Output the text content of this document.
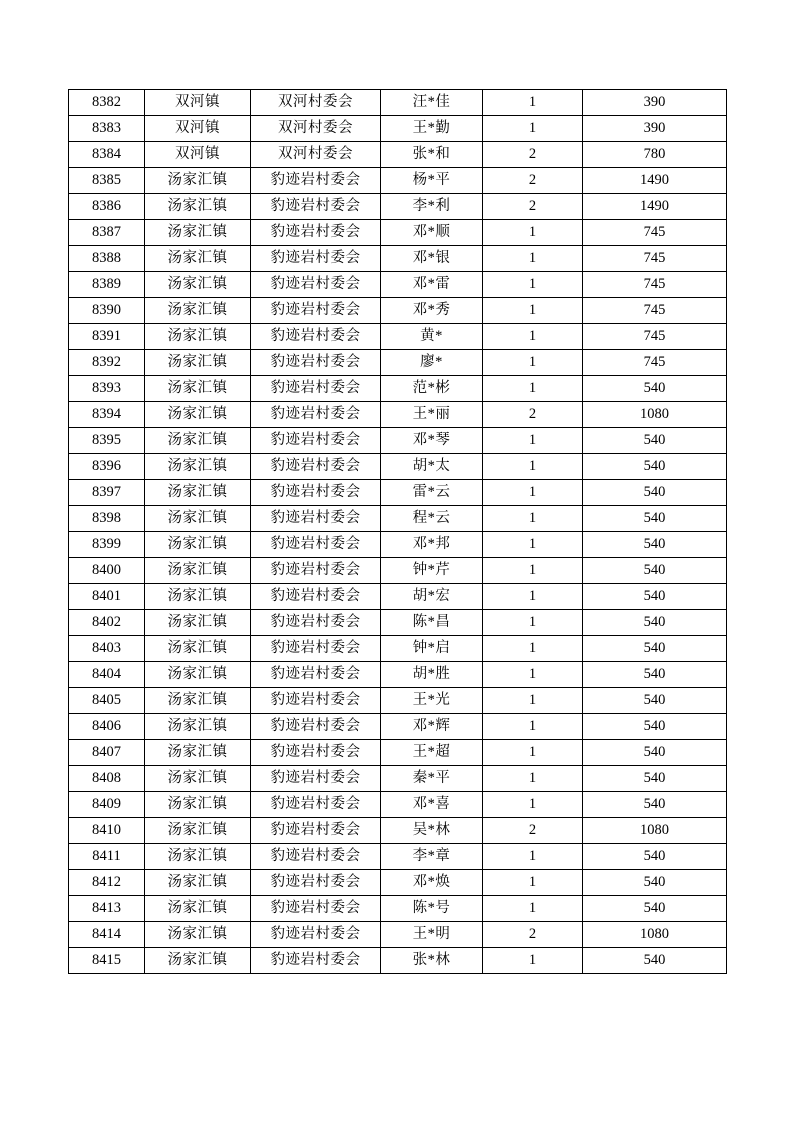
8382	双河镇	双河村委会	汪*佳	1	390
8383	双河镇	双河村委会	王*勤	1	390
8384	双河镇	双河村委会	张*和	2	780
8385	汤家汇镇	豹迹岩村委会	杨*平	2	1490
8386	汤家汇镇	豹迹岩村委会	李*利	2	1490
8387	汤家汇镇	豹迹岩村委会	邓*顺	1	745
8388	汤家汇镇	豹迹岩村委会	邓*银	1	745
8389	汤家汇镇	豹迹岩村委会	邓*雷	1	745
8390	汤家汇镇	豹迹岩村委会	邓*秀	1	745
8391	汤家汇镇	豹迹岩村委会	黄*	1	745
8392	汤家汇镇	豹迹岩村委会	廖*	1	745
8393	汤家汇镇	豹迹岩村委会	范*彬	1	540
8394	汤家汇镇	豹迹岩村委会	王*丽	2	1080
8395	汤家汇镇	豹迹岩村委会	邓*琴	1	540
8396	汤家汇镇	豹迹岩村委会	胡*太	1	540
8397	汤家汇镇	豹迹岩村委会	雷*云	1	540
8398	汤家汇镇	豹迹岩村委会	程*云	1	540
8399	汤家汇镇	豹迹岩村委会	邓*邦	1	540
8400	汤家汇镇	豹迹岩村委会	钟*芹	1	540
8401	汤家汇镇	豹迹岩村委会	胡*宏	1	540
8402	汤家汇镇	豹迹岩村委会	陈*昌	1	540
8403	汤家汇镇	豹迹岩村委会	钟*启	1	540
8404	汤家汇镇	豹迹岩村委会	胡*胜	1	540
8405	汤家汇镇	豹迹岩村委会	王*光	1	540
8406	汤家汇镇	豹迹岩村委会	邓*辉	1	540
8407	汤家汇镇	豹迹岩村委会	王*超	1	540
8408	汤家汇镇	豹迹岩村委会	秦*平	1	540
8409	汤家汇镇	豹迹岩村委会	邓*喜	1	540
8410	汤家汇镇	豹迹岩村委会	吴*林	2	1080
8411	汤家汇镇	豹迹岩村委会	李*章	1	540
8412	汤家汇镇	豹迹岩村委会	邓*焕	1	540
8413	汤家汇镇	豹迹岩村委会	陈*号	1	540
8414	汤家汇镇	豹迹岩村委会	王*明	2	1080
8415	汤家汇镇	豹迹岩村委会	张*林	1	540
